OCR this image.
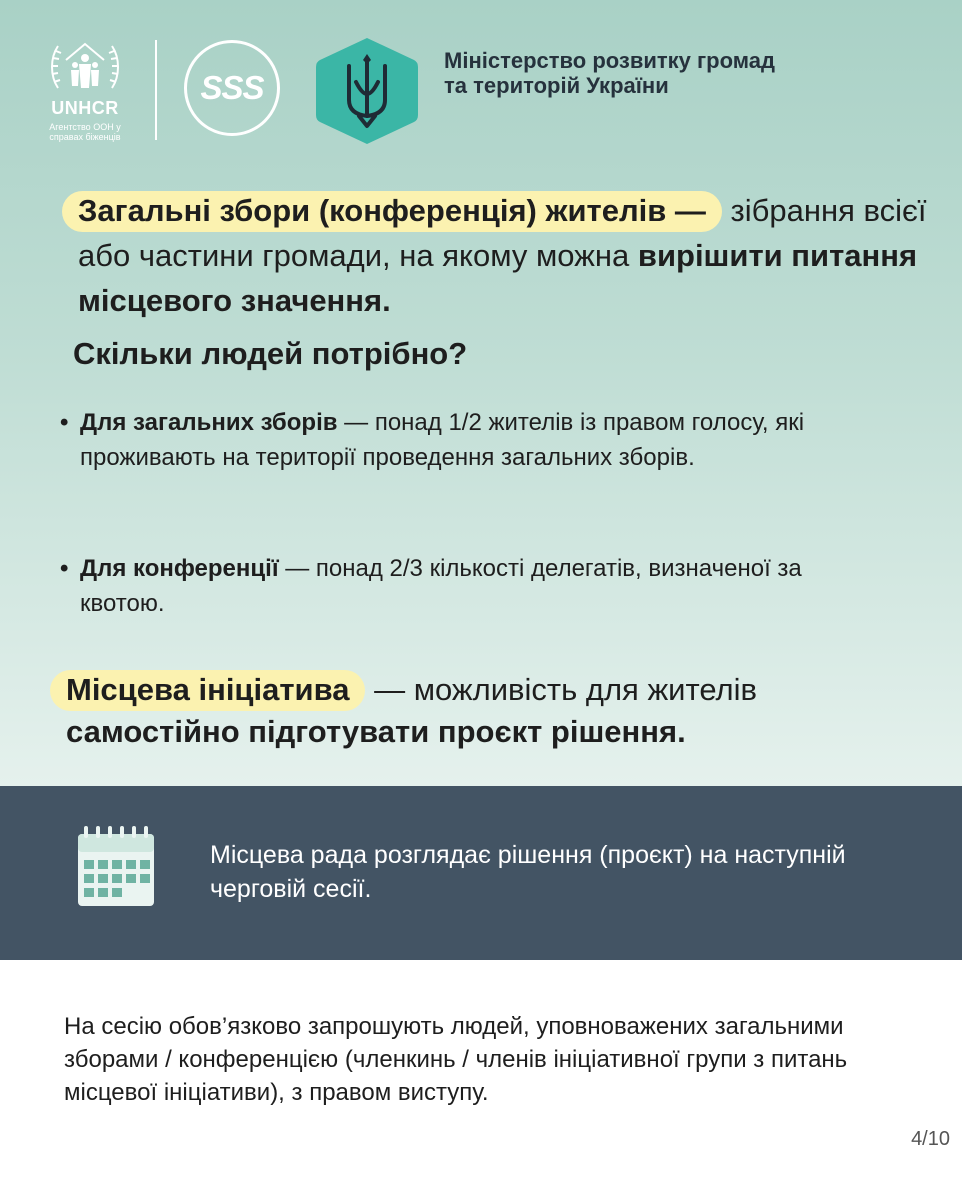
UNHCR
Агентство ООН у справах біженців
SSS
Міністерство розвитку громад та територій України
Загальні збори (конференція) жителів — зібрання всієї або частини громади, на якому можна вирішити питання місцевого значення.
Скільки людей потрібно?
• Для загальних зборів — понад 1/2 жителів із правом голосу, які проживають на території проведення загальних зборів.
• Для конференції — понад 2/3 кількості делегатів, визначеної за квотою.
Місцева ініціатива — можливість для жителів
самостійно підготувати проєкт рішення.
Місцева рада розглядає рішення (проєкт) на наступній черговій сесії.
На сесію обов’язково запрошують людей, уповноважених загальними зборами / конференцією (членкинь / членів ініціативної групи з питань місцевої ініціативи), з правом виступу.
4/10
